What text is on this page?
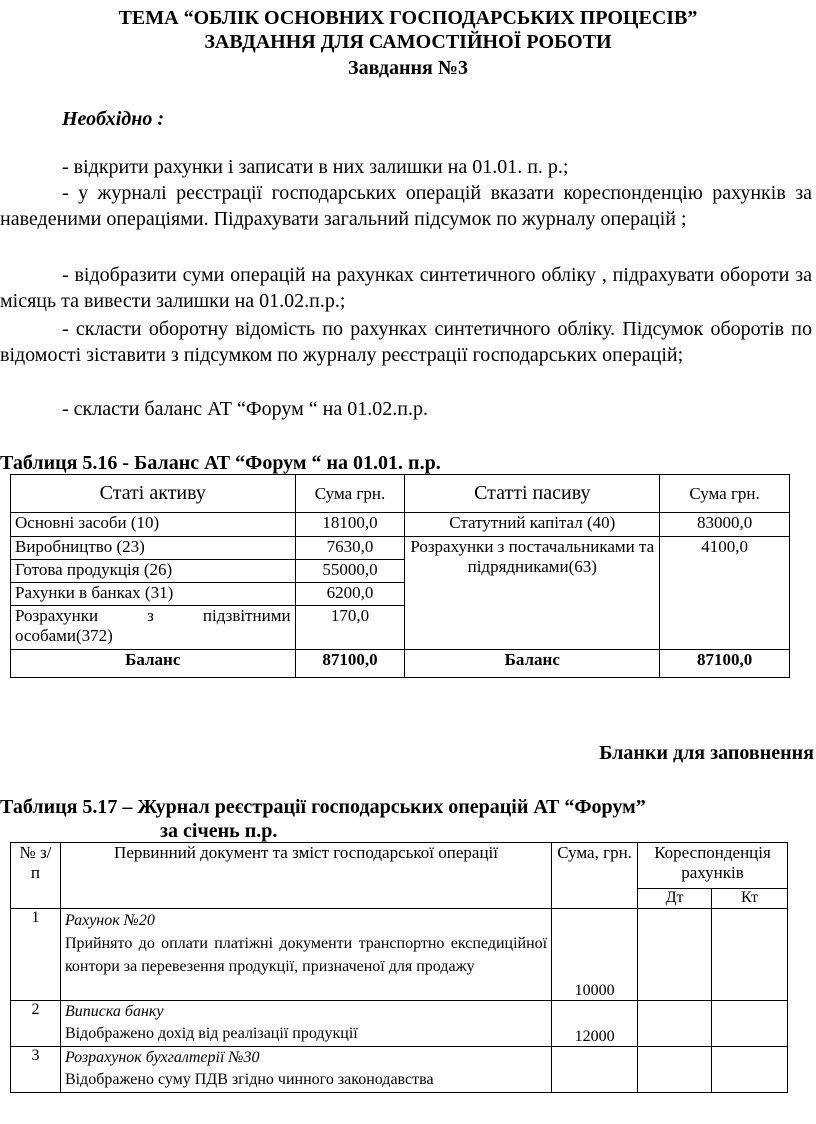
ТЕМА “ОБЛІК ОСНОВНИХ ГОСПОДАРСЬКИХ ПРОЦЕСІВ”
ЗАВДАННЯ ДЛЯ САМОСТІЙНОЇ РОБОТИ
Завдання №3
Необхідно :
- відкрити рахунки і записати в них залишки на 01.01. п. р.;
- у журналі реєстрації господарських операцій вказати кореспонденцію рахунків за наведеними операціями. Підрахувати загальний підсумок по журналу операцій ;
- відобразити суми операцій на рахунках синтетичного обліку , підрахувати обороти за місяць та вивести залишки на 01.02.п.р.;
- скласти оборотну відомість по рахунках синтетичного обліку. Підсумок оборотів по відомості зіставити з підсумком по журналу реєстрації господарських операцій;
- скласти баланс АТ “Форум “ на 01.02.п.р.
Таблиця 5.16 - Баланс АТ “Форум “ на 01.01. п.р.
Статі активу	Сума грн.	Статті пасиву	Сума грн.
Основні засоби (10)	18100,0	Статутний капітал (40)	83000,0
Виробництво (23)	7630,0	Розрахунки з постачальниками та підрядниками(63)	4100,0
Готова продукція (26)	55000,0		
Рахунки в банках (31)	6200,0		
Розрахунки з підзвітними особами(372)	170,0		
Баланс	87100,0	Баланс	87100,0
Бланки для заповнення
Таблиця 5.17 – Журнал реєстрації господарських операцій АТ “Форум”
за січень п.р.
№ з/п	Первинний документ та зміст господарської операції	Сума, грн.	Кореспонденція рахунків	
			Дт	Кт
1	Рахунок №20
Прийнято до оплати платіжні документи транспортно експедиційної контори за перевезення продукції, призначеної для продажу	10000		
2	Виписка банку
Відображено дохід від реалізації продукції	12000		
3	Розрахунок бухгалтерії №30
Відображено суму ПДВ згідно чинного законодавства			
